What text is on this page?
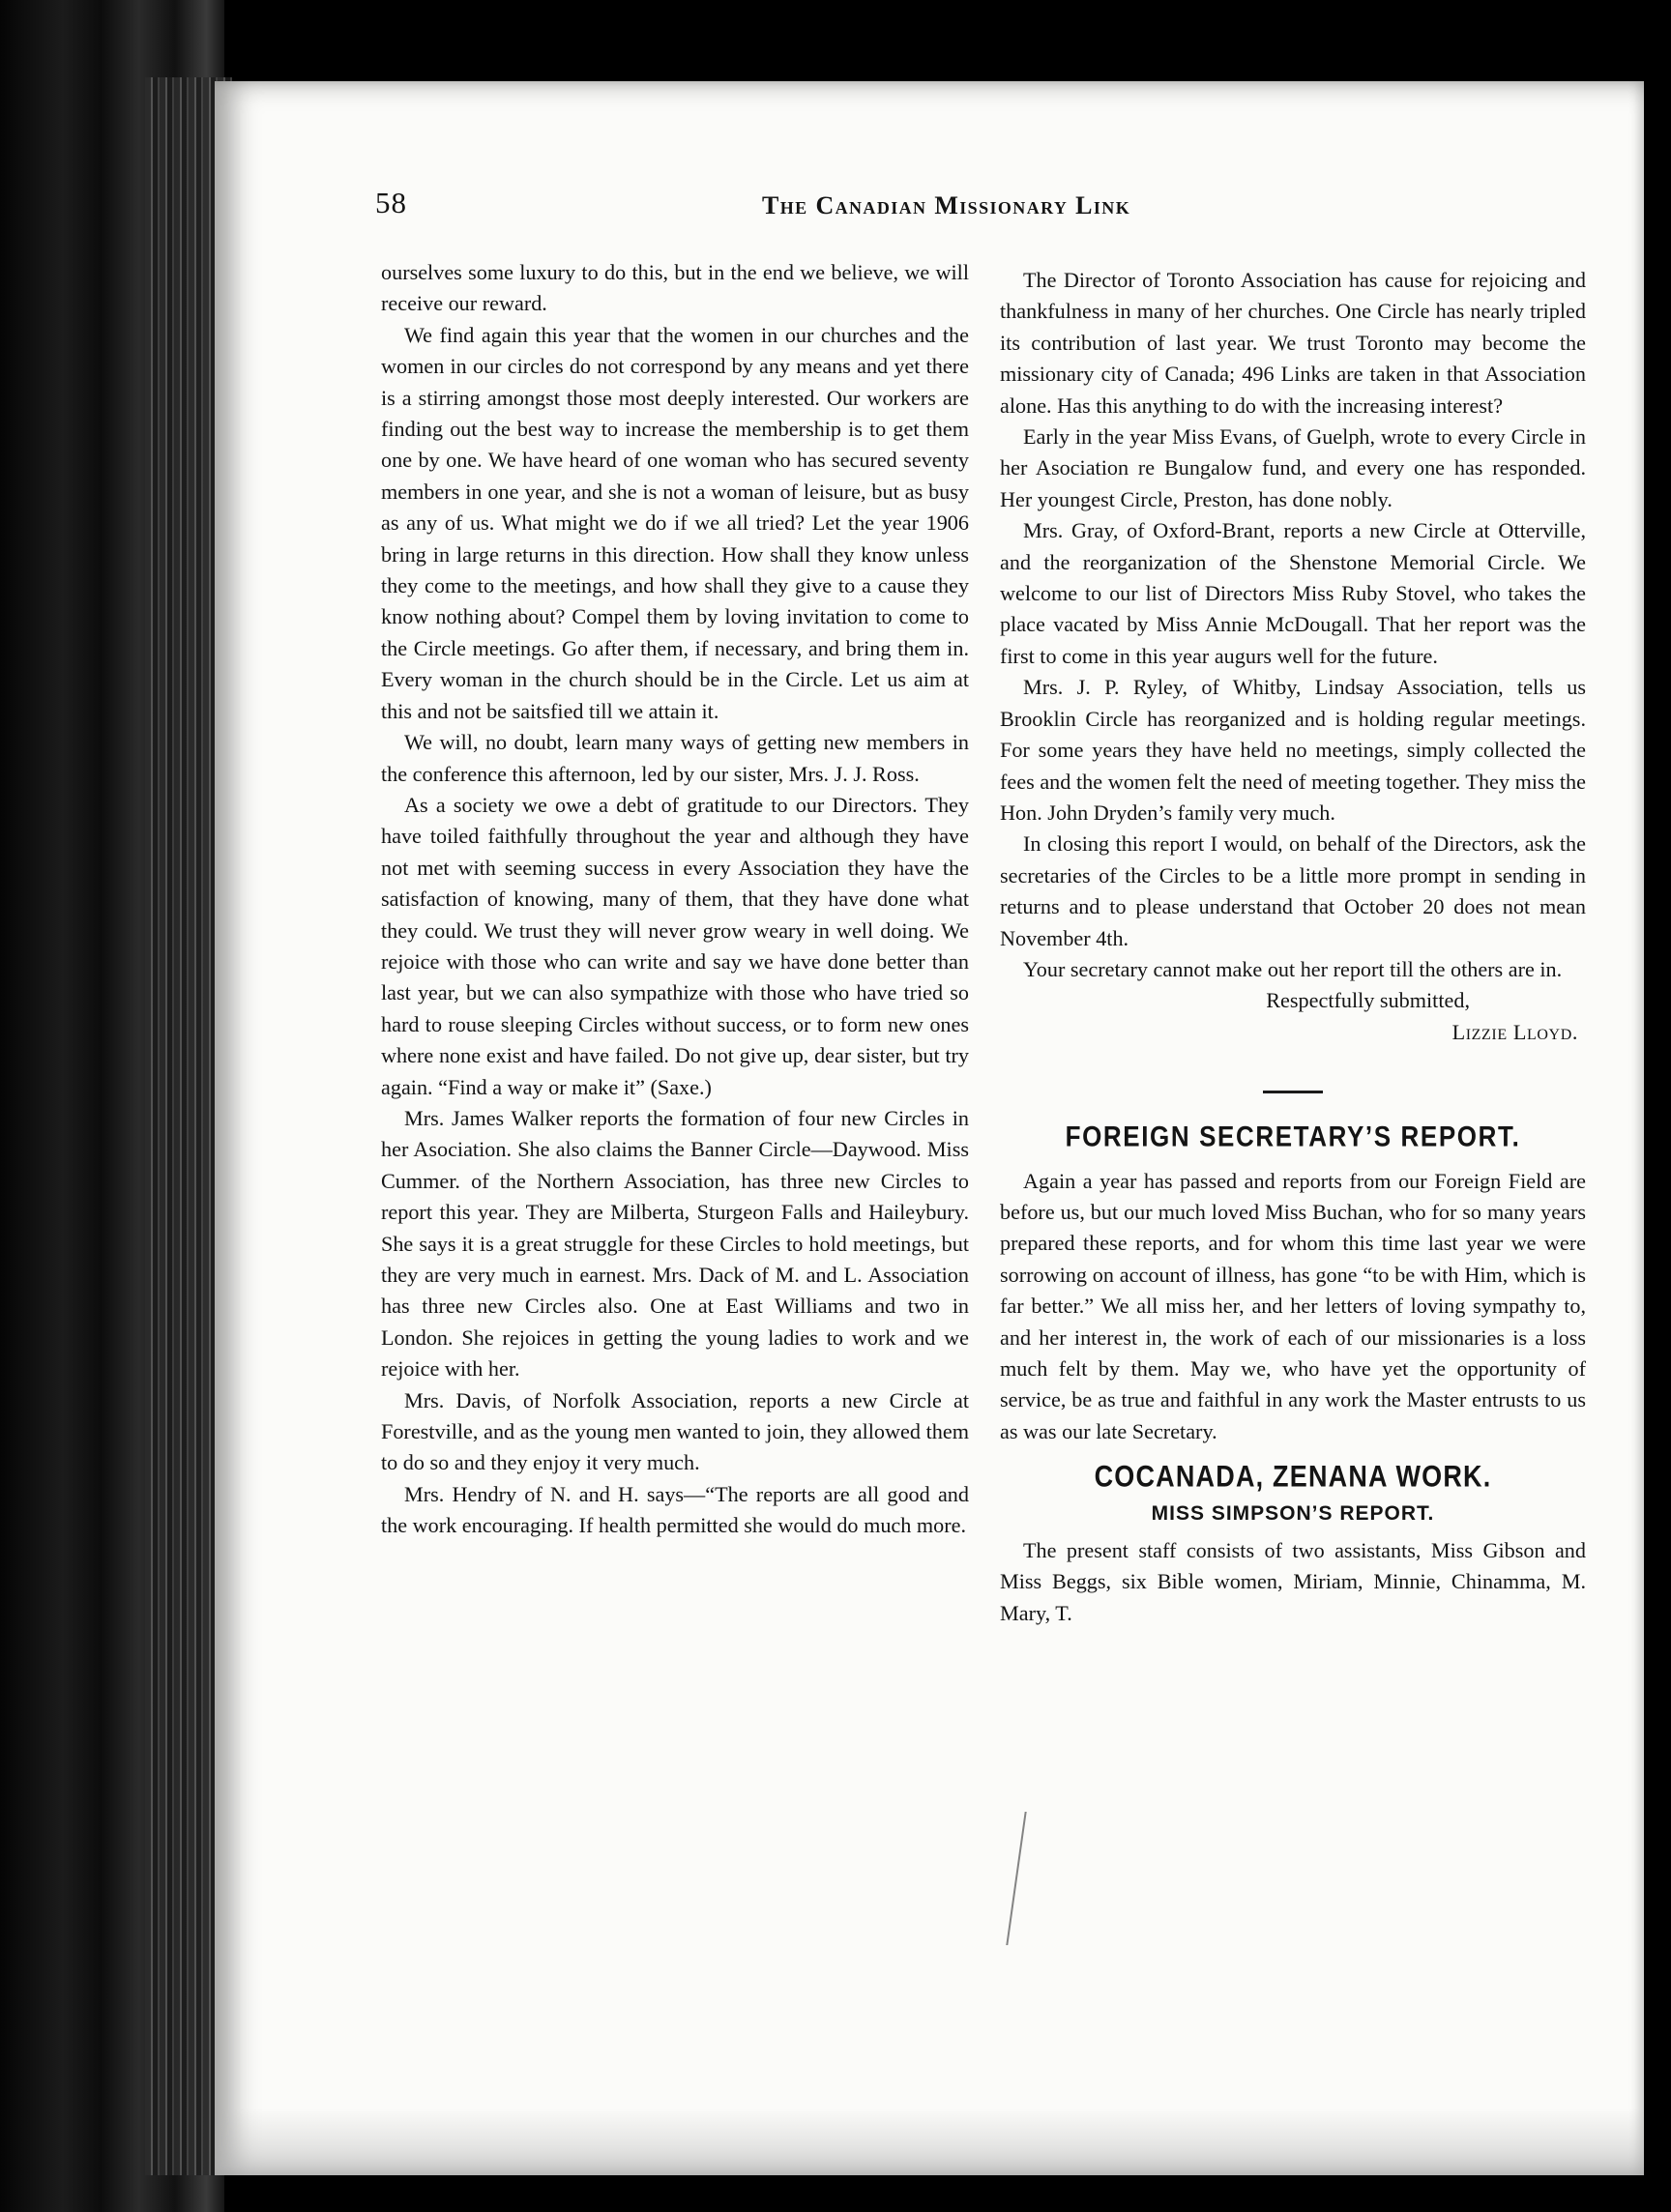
58	The Canadian Missionary Link

ourselves some luxury to do this, but in the end we believe, we will receive our reward.

We find again this year that the women in our churches and the women in our circles do not correspond by any means and yet there is a stirring amongst those most deeply interested. Our workers are finding out the best way to increase the membership is to get them one by one. We have heard of one woman who has secured seventy members in one year, and she is not a woman of leisure, but as busy as any of us. What might we do if we all tried? Let the year 1906 bring in large returns in this direction. How shall they know unless they come to the meetings, and how shall they give to a cause they know nothing about? Compel them by loving invitation to come to the Circle meetings. Go after them, if necessary, and bring them in. Every woman in the church should be in the Circle. Let us aim at this and not be saitsfied till we attain it.

We will, no doubt, learn many ways of getting new members in the conference this afternoon, led by our sister, Mrs. J. J. Ross.

As a society we owe a debt of gratitude to our Directors. They have toiled faithfully throughout the year and although they have not met with seeming success in every Association they have the satisfaction of knowing, many of them, that they have done what they could. We trust they will never grow weary in well doing. We rejoice with those who can write and say we have done better than last year, but we can also sympathize with those who have tried so hard to rouse sleeping Circles without success, or to form new ones where none exist and have failed. Do not give up, dear sister, but try again. “Find a way or make it” (Saxe.)

Mrs. James Walker reports the formation of four new Circles in her Asociation. She also claims the Banner Circle—Daywood. Miss Cummer. of the Northern Association, has three new Circles to report this year. They are Milberta, Sturgeon Falls and Haileybury. She says it is a great struggle for these Circles to hold meetings, but they are very much in earnest. Mrs. Dack of M. and L. Association has three new Circles also. One at East Williams and two in London. She rejoices in getting the young ladies to work and we rejoice with her.

Mrs. Davis, of Norfolk Association, reports a new Circle at Forestville, and as the young men wanted to join, they allowed them to do so and they enjoy it very much.

Mrs. Hendry of N. and H. says—“The reports are all good and the work encouraging. If health permitted she would do much more.

The Director of Toronto Association has cause for rejoicing and thankfulness in many of her churches. One Circle has nearly tripled its contribution of last year. We trust Toronto may become the missionary city of Canada; 496 Links are taken in that Association alone. Has this anything to do with the increasing interest?

Early in the year Miss Evans, of Guelph, wrote to every Circle in her Asociation re Bungalow fund, and every one has responded. Her youngest Circle, Preston, has done nobly.

Mrs. Gray, of Oxford-Brant, reports a new Circle at Otterville, and the reorganization of the Shenstone Memorial Circle. We welcome to our list of Directors Miss Ruby Stovel, who takes the place vacated by Miss Annie McDougall. That her report was the first to come in this year augurs well for the future.

Mrs. J. P. Ryley, of Whitby, Lindsay Association, tells us Brooklin Circle has reorganized and is holding regular meetings. For some years they have held no meetings, simply collected the fees and the women felt the need of meeting together. They miss the Hon. John Dryden’s family very much.

In closing this report I would, on behalf of the Directors, ask the secretaries of the Circles to be a little more prompt in sending in returns and to please understand that October 20 does not mean November 4th.

Your secretary cannot make out her report till the others are in.

Respectfully submitted,

Lizzie Lloyd.

FOREIGN SECRETARY’S REPORT.

Again a year has passed and reports from our Foreign Field are before us, but our much loved Miss Buchan, who for so many years prepared these reports, and for whom this time last year we were sorrowing on account of illness, has gone “to be with Him, which is far better.” We all miss her, and her letters of loving sympathy to, and her interest in, the work of each of our missionaries is a loss much felt by them. May we, who have yet the opportunity of service, be as true and faithful in any work the Master entrusts to us as was our late Secretary.

COCANADA, ZENANA WORK.
MISS SIMPSON’S REPORT.

The present staff consists of two assistants, Miss Gibson and Miss Beggs, six Bible women, Miriam, Minnie, Chinamma, M. Mary, T.
